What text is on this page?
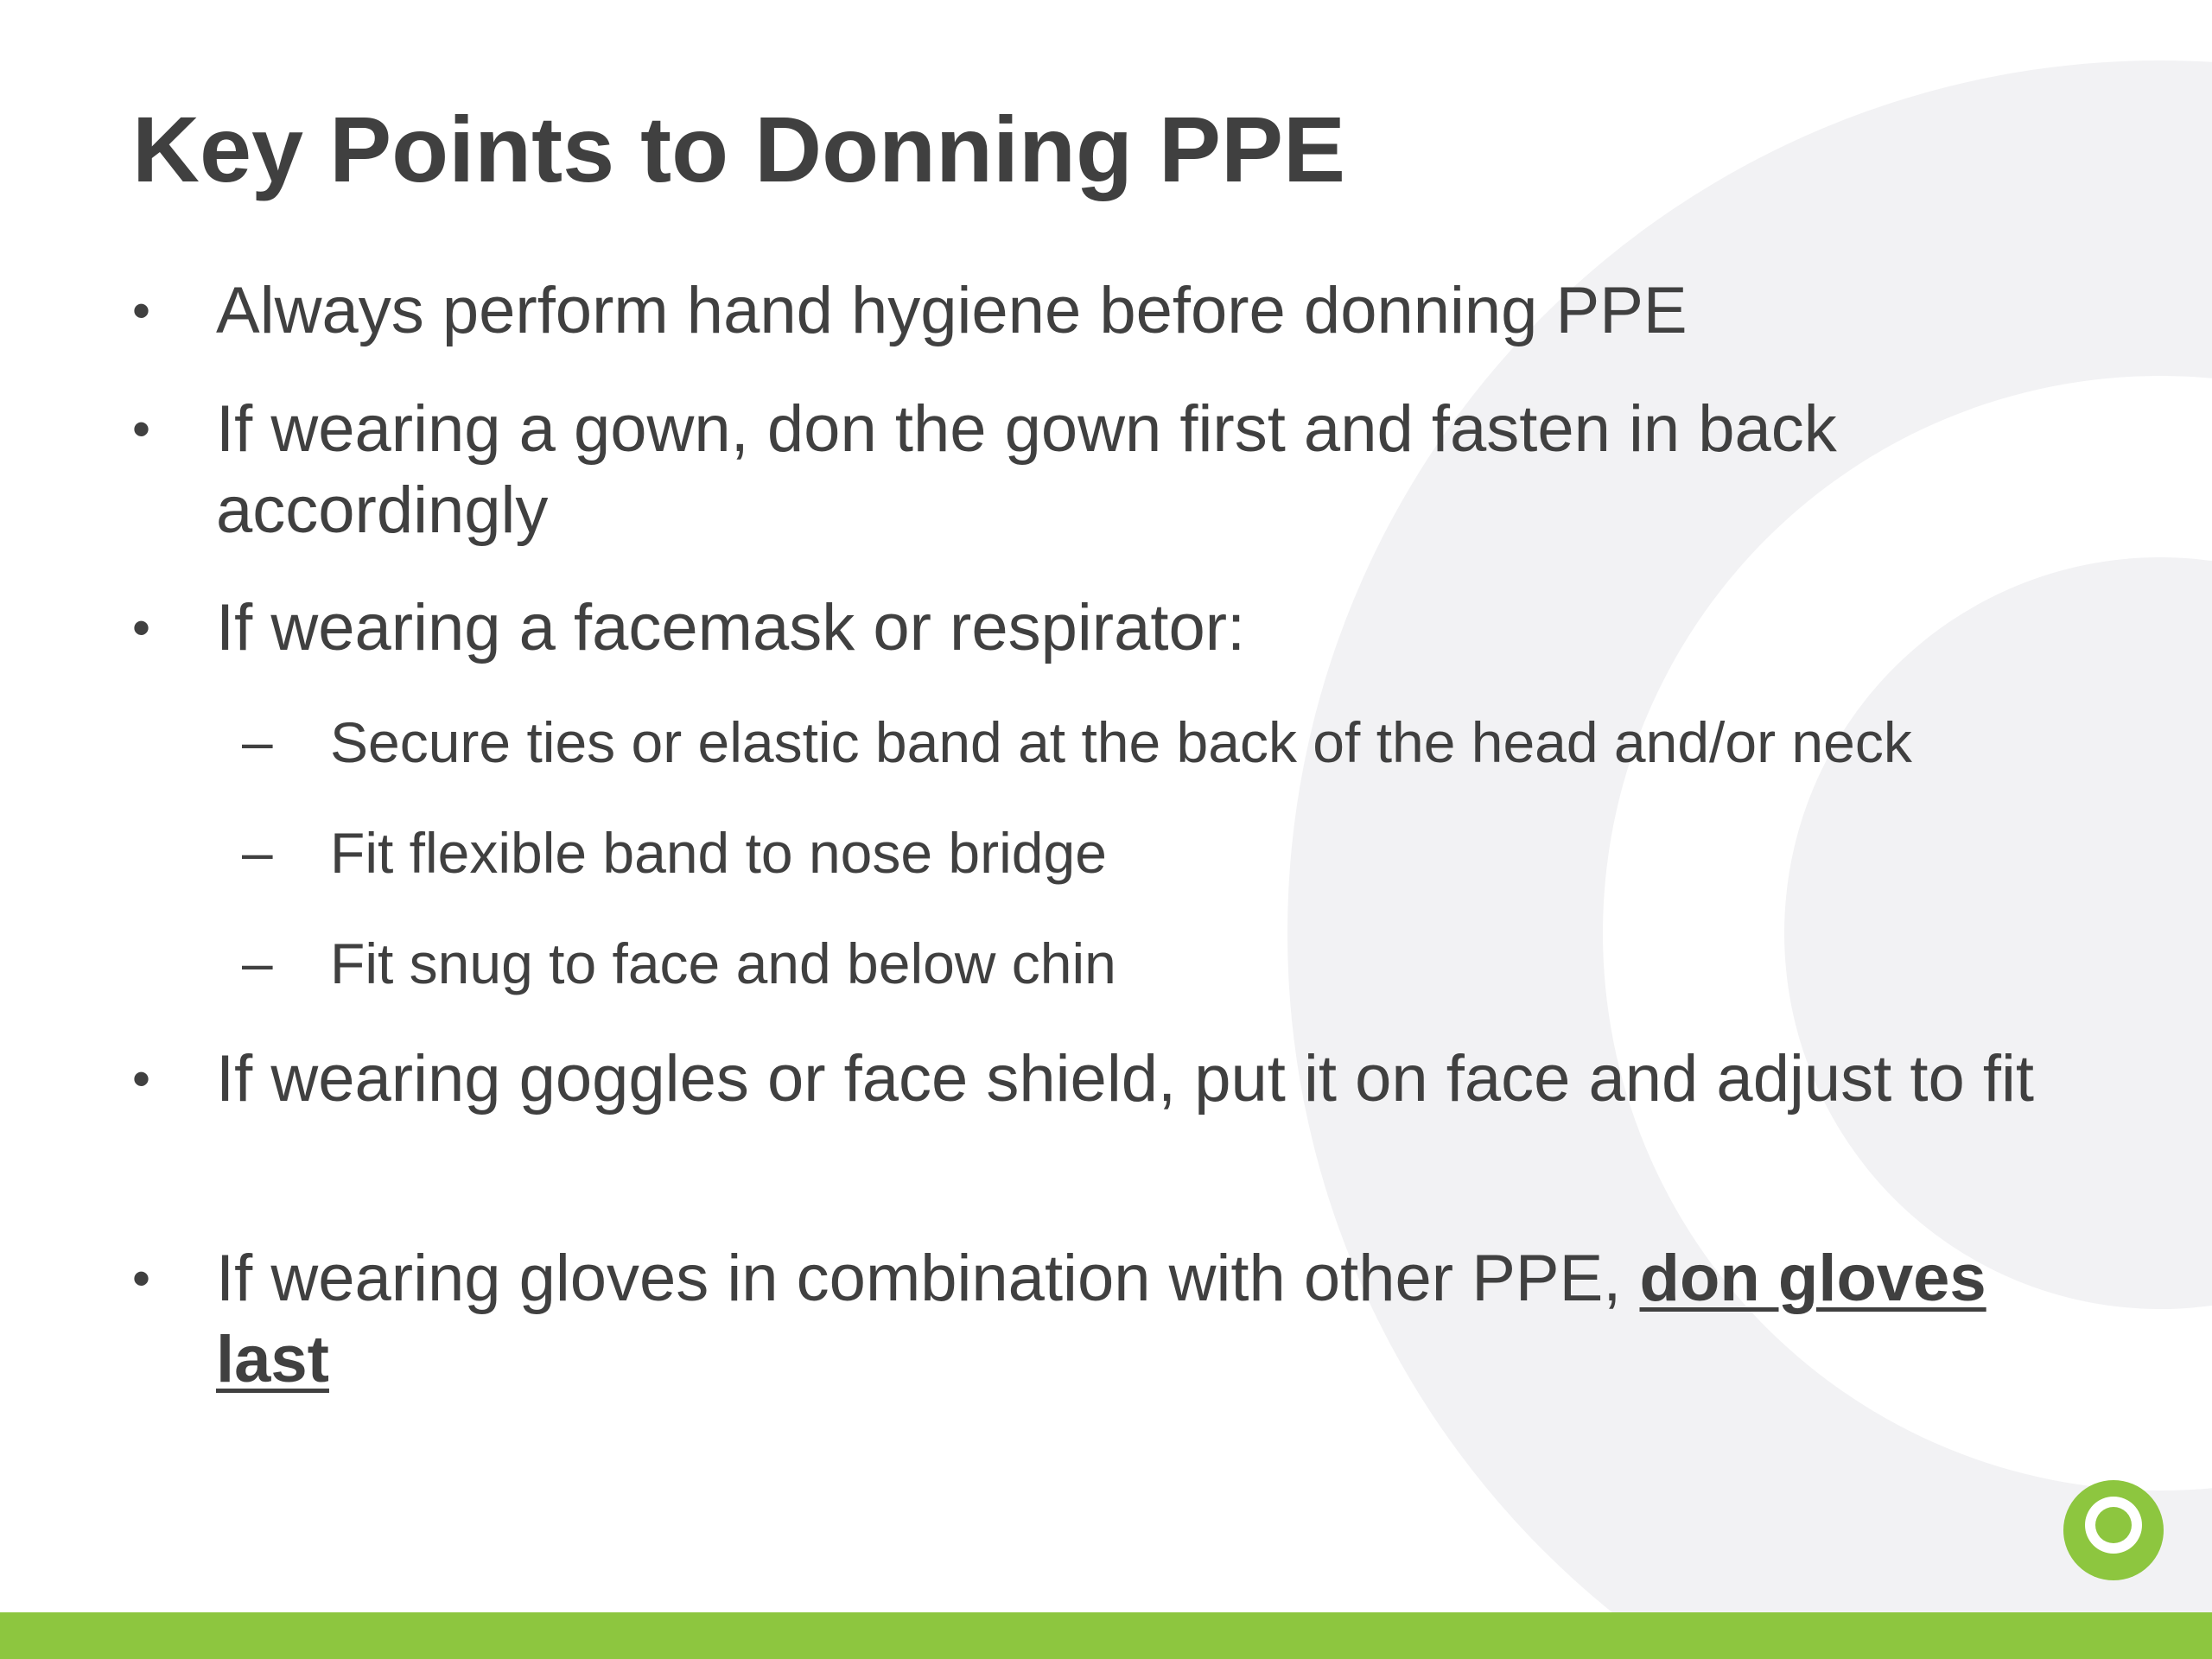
Key Points to Donning PPE
• Always perform hand hygiene before donning PPE
• If wearing a gown, don the gown first and fasten in back accordingly
• If wearing a facemask or respirator:
– Secure ties or elastic band at the back of the head and/or neck
– Fit flexible band to nose bridge
– Fit snug to face and below chin
• If wearing goggles or face shield, put it on face and adjust to fit
• If wearing gloves in combination with other PPE, don gloves last
